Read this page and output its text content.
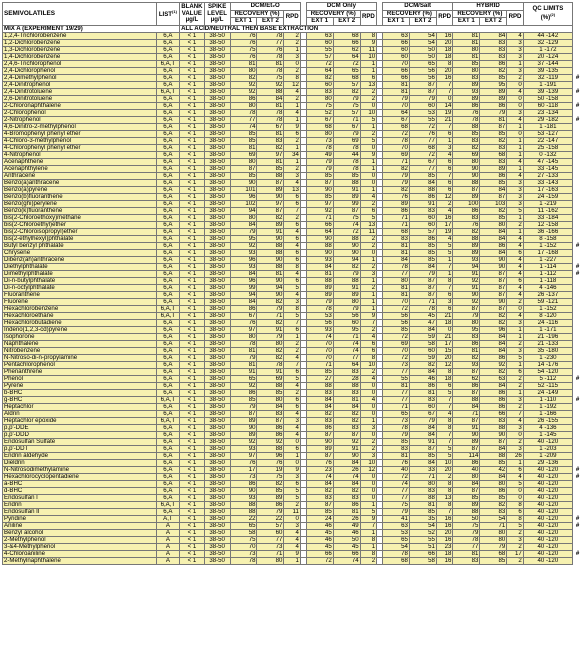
SEMIVOLATILES	LIST$^{(1)}$	BLANK
VALUE
µg/L	SPIKE
LEVEL
µg/L	DCM/Et₂O				DCM Only				DCM/Salt			HYBRID			QC LIMITS
(%)$^{(2)}$	
				RECOVERY (%)		RPD		RECOVERY (%)		RPD		RECOVERY (%)		RPD	RECOVERY (%)		RPD		
				EXT 1	EXT 2			EXT 1	EXT 2			EXT 1	EXT 2		EXT 1	EXT 2			
MIX A (EXPERIMENT 19/29)		ALL ACID/NEUTRAL THEN BASE EXTRACTION																	
1,2,4-Trichlorobenzene	6,A	< 1	38-50	76	78	2		63	68	8		63	54	16	81	84	4	44 -142	
1,2-Dichlorobenzene	6,A	< 1	38-50	76	77	2		60	66	9		66	54	20	81	83	3	32 -129	
1,3-Dichlorobenzene	6,A	< 1	38-50	75	76	1		55	62	11		60	50	18	80	83	3	1 -172	
1,4-Dichlorobenzene	6,A	< 1	38-50	76	78	3		57	64	10		60	50	18	81	83	3	20 -124	
2,4,6-Trichlorophenol	6,A,T	< 1	38-50	81	81	0		72	72	1		70	65	8	85	86	1	37 -144	
2,4-Dichlorophenol	6,A	< 1	38-50	80	78	2		64	65	1		66	56	20	80	82	3	39 -135	
2,4-Dimethylphenol	6,A	< 1	38-50	82	75	8		82	68	6		66	56	16	83	85	2	32 -119	#
2,4-Dinitrophenol	6,A	< 1	38-50	92	92	12		60	57	13		81	87	7	89	95	0	1 -191	
2,4-Dinitrotoluene	6,A,T	< 1	38-50	92	88	4		83	82	2		81	87	7	93	89	4	39 -139	#
2,6-Dinitrotoluene	6,A	< 1	38-50	86	84	2		80	79	2		79	79	0	89	89	0	50 -158	
2-Chloronaphthalene	6,A	< 1	38-50	80	81	1		75	75	0		70	60	14	86	86	0	60 -118	#
2-Chlorophenol	6,A	< 1	38-50	78	78	4		52	57	10		64	53	19	76	79	3	23 -134	
2-Nitrophenol	6,A	< 1	38-50	77	78	1		67	71	5		67	55	21	78	81	4	29 -182	#
4,6-Dinitro-2-methylphenol	6,A	< 1	38-50	74	67	9		68	67	1		68	72	7	88	87	1	1 -181	
4-Bromophenyl phenyl ether	6,A	< 1	38-50	85	81	6		80	79	2		72	76	6	85	85	0	53 -127	
4-Chloro-3-methylphenol	6,A	< 1	38-50	85	83	2		73	69	5		78	77	1	83	82	1	22 -147	
4-Chlorophenyl phenyl ether	6,A	< 1	38-50	81	82	1		78	78	0		70	68	3	82	83	1	25 -158	
4-Nitrophenol	6,A	< 1	38-50	69	97	34		49	44	9		69	72	4	69	68	1	0 -132	
Acenaphthene	6,A	< 1	38-50	80	81	1		79	78	1		71	67	6	80	83	4	47 -145	
Acenaphthylene	6,A	< 1	38-50	87	85	2		79	78	1		82	77	6	90	89	1	33 -145	
Anthracene	6,A	< 1	38-50	85	88	3		85	85	0		79	85	7	90	86	4	27 -133	
Benzo(a)anthracene	6,A	< 1	38-50	90	87	4		87	88	0		79	84	6	88	85	3	33 -143	
Benzo(a)pyrene	6,A	< 1	38-50	101	89	13		90	91	1		82	88	6	87	84	3	17 -163	
Benzo(b)fluoranthene	6,A	< 1	38-50	96	90	6		85	89	4		76	86	12	89	87	3	24 -159	
Benzo(ghi)perylene	6,A	< 1	38-50	102	97	6		97	99	2		89	91	2	100	103	3	1 -219	
Benzo(k)fluoranthene	6,A	< 1	38-50	94	87	7		92	87	6		86	83	4	86	82	5	11 -162	
bis(2-Chloroethoxy)methane	6,A	< 1	38-50	80	82	2		71	75	5		71	60	16	83	85	1	33 -184	
bis(2-Chloroethyl)ether	6,A	< 1	38-50	84	89	6		66	74	13		71	60	17	76	80	2	12 -158	
bis(2-Chloroisopropyl)ether	6,A	< 1	38-50	79	91	4		64	72	11		68	57	19	82	84	1	36 -166	
bis(2-ethylhexyl)phthalate	6,A	< 1	38-50	95	90	6		90	88	2		83	86	4	88	84	4	8 -158	
Butyl benzyl phthalate	6,A	< 1	38-50	92	88	4		88	90	2		81	85	5	89	86	4	1 -152	#
Chrysene	6,A	< 1	38-50	93	88	6		90	90	0		81	85	5	89	84	6	17 -168	
Dibenz(ah)anthracene	6,A	< 1	38-50	96	90	6		93	94	1		84	85	1	93	90	4	1 -227	
Diethylphthalate	6,A	< 1	38-50	93	88	8		84	82	2		78	84	7	94	90	4	1 -114	#
Dimethylphthalate	6,A	< 1	38-50	84	81	4		81	79	3		77	79	1	91	87	4	1 -112	#
Di-n-butylphthalate	6,A	< 1	38-50	96	90	6		88	88	1		80	87	8	92	87	6	1 -118	
Di-n-octylphthalate	6,A	< 1	38-50	99	94	5		89	91	2		81	87	7	91	87	4	4 -146	
Fluoranthene	6,A	< 1	38-50	94	90	4		89	89	1		81	87	6	90	87	4	26 -137	
Fluorene	6,A	< 1	38-50	84	82	3		79	80	1		70	71	3	92	90	2	59 -121	
Hexachlorobenzene	6,A,T	< 1	38-50	86	79	8		78	79	1		72	78	6	87	87	0	1 -152	
Hexachloroethane	6,A,T	< 1	38-50	67	71	5		53	56	9		56	45	21	79	82	4	8 -120	
Hexachlorobutadiene	6,A	< 1	38-50	76	82	7		56	60	7		56	47	18	80	82	3	24 -116	
Indeno(1,2,3-cd)pyrene	6,A	< 1	38-50	97	91	6		93	95	2		85	84	0	95	96	1	1 -171	
Isophorone	6,A	< 1	38-50	80	79	1		74	71	4		72	59	21	83	84	1	21 -196	
Naphthalene	6,A	< 1	38-50	78	80	2		70	74	6		69	58	17	86	84	2	21 -133	
Nitrobenzene	6,A	< 1	38-50	81	82	2		70	74	6		70	60	15	81	84	3	35 -180	
N-Nitroso-di-n-propylamine	6,A	< 1	38-50	79	82	4		70	77	8		72	59	20	82	86	5	1 -230	
Pentachlorophenol	6,A	< 1	38-50	81	78	7		71	64	10		73	82	12	93	92	1	14 -176	
Phenanthrene	6,A	< 1	38-50	91	91	6		85	83	2		77	84	8	87	82	6	54 -120	
Phenol	6,A	< 1	38-50	65	69	5		27	28	4		55	46	18	62	63	2	5 -112	#
Pyrene	6,A	< 1	38-50	92	88	4		88	88	0		81	86	6	86	84	2	52 -115	
b-BHC	6,A	< 1	38-50	86	85	2		83	83	0		77	81	5	87	86	1	24 -149	
g-BHC	6,A,T	< 1	38-50	85	80	6		84	81	4		77	83	7	88	86	3	1 -110	#
Heptachlor	6,A	< 1	38-50	79	84	6		84	84	0		71	60	7	84	86	2	1 -192	
Aldrin	6,A	< 1	38-50	87	83	4		82	82	0		65	67	4	71	66	7	1 -166	
Heptachlor epoxide	6,A,T	< 1	38-50	89	87	3		83	82	1		73	79	8	87	83	4	26 -155	
p,p'-DDE	6,A	< 1	38-50	90	86	4		86	83	3		78	84	8	91	88	3	4 -136	
p,p'-DDD	6,A	< 1	38-50	89	86	4		87	87	0		79	84	7	90	90	0	1 -145	
Endosulfan Sulfate	6,A	< 1	38-50	92	92	0		90	92	2		85	91	7	89	87	2	40 -120	
p,p'-DDT	6,A	< 1	38-50	93	88	6		89	91	2		83	87	5	87	84	3	1 -203	
Endrin aldehyde	6,A	< 1	38-50	97	96	1		87	90	3		81	85	5	114	88	26	1 -209	
Dieldrin	6,A	< 1	38-50	76	76	0		76	84	10		76	84	10	86	85	1	29 -136	
N-Nitrosodimethylamine	6,A	< 1	38-50	17	19	9		23	26	12		40	33	20	40	42	6	40 -120	#
Hexachlorocyclopentadiene	6,A	< 1	38-50	73	75	3		74	74	0		72	71	2	80	84	4	40 -120	#
a-BHC	6,A	< 1	38-50	86	82	6		84	84	0		74	80	8	84	80	5	40 -120	
d-BHC	6,A	< 1	38-50	90	85	5		82	82	0		77	83	8	87	86	0	40 -120	
Endosulfan I	6,A	< 1	38-50	93	89	5		83	83	0		77	88	13	85	85	0	40 -120	
Endrin	6,A,T	< 1	38-50	88	86	2		87	86	1		75	81	8	89	82	8	40 -120	
Endosulfan II	6,A	< 1	38-50	88	79	11		85	81	5		79	85	7	88	83	6	40 -120	
Pyridine	A,T	< 1	38-50	22	22	0		24	26	9		41	35	16	50	54	8	40 -120	#
Aniline	A	< 1	38-50	65	57	3		46	49	7		63	54	16	75	71	5	40 -120	#
Benzyl alcohol	A	< 1	38-50	58	60	4		45	46	1		53	52	20	79	80	2	40 -120	
2-Methylphenol	A	< 1	38-50	75	77	4		46	50	8		65	55	16	78	80	3	40 -120	
3-&4-Methylphenol	A	< 1	38-50	70	73	4		45	45	1		54	51	23	77	79	2	40 -120	
4-Chloroaniline	A	< 1	38-50	73	71	9		66	66	8		78	66	18	81	68	17	40 -120	#
2-Methylnaphthalene	A	< 1	38-50	78	80	1		72	74	2		68	58	16	83	85	2	40 -120	
